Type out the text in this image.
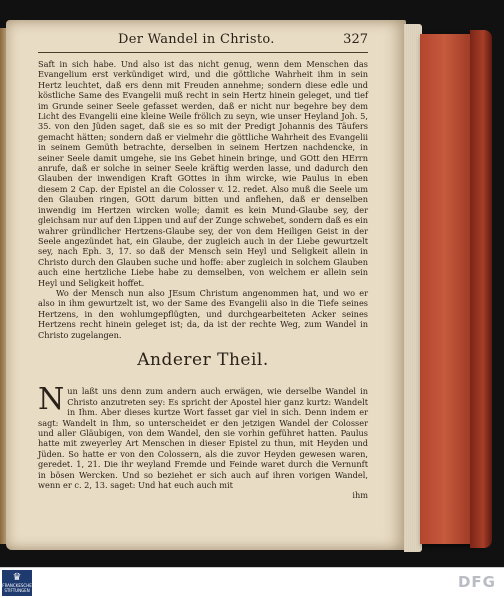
Der Wandel in Christo.	327

Saft in sich habe. Und also ist das nicht genug, wenn dem Menschen das Evangelium erst verkündiget wird, und die göttliche Wahrheit ihm in sein Hertz leuchtet, daß ers denn mit Freuden annehme; sondern diese edle und köstliche Same des Evangelii muß recht in sein Hertz hinein geleget, und tief im Grunde seiner Seele gefasset werden, daß er nicht nur begehre bey dem Licht des Evangelii eine kleine Weile frölich zu seyn, wie unser Heyland Joh. 5, 35. von den Jüden saget, daß sie es so mit der Predigt Johannis des Täufers gemacht hätten; sondern daß er vielmehr die göttliche Wahrheit des Evangelii in seinem Gemüth betrachte, derselben in seinem Hertzen nachdencke, in seiner Seele damit umgehe, sie ins Gebet hinein bringe, und GOtt den HErrn anrufe, daß er solche in seiner Seele kräftig werden lasse, und dadurch den Glauben der inwendigen Kraft GOttes in ihm wircke, wie Paulus in eben diesem 2 Cap. der Epistel an die Colosser v. 12. redet. Also muß die Seele um den Glauben ringen, GOtt darum bitten und anflehen, daß er denselben inwendig im Hertzen wircken wolle; damit es kein Mund-Glaube sey, der gleichsam nur auf den Lippen und auf der Zunge schwebet, sondern daß es ein wahrer gründlicher Hertzens-Glaube sey, der von dem Heiligen Geist in der Seele angezündet hat, ein Glaube, der zugleich auch in der Liebe gewurtzelt sey, nach Eph. 3, 17. so daß der Mensch sein Heyl und Seligkeit allein in Christo durch den Glauben suche und hoffe: aber zugleich in solchem Glauben auch eine hertzliche Liebe habe zu demselben, von welchem er allein sein Heyl und Seligkeit hoffet.

Wo der Mensch nun also JEsum Christum angenommen hat, und wo er also in ihm gewurtzelt ist, wo der Same des Evangelii also in die Tiefe seines Hertzens, in den wohlumgepflügten, und durchgearbeiteten Acker seines Hertzens recht hinein geleget ist; da, da ist der rechte Weg, zum Wandel in Christo zugelangen.

Anderer Theil.

Nun laßt uns denn zum andern auch erwägen, wie derselbe Wandel in Christo anzutreten sey: Es spricht der Apostel hier ganz kurtz: Wandelt in Ihm. Aber dieses kurtze Wort fasset gar viel in sich. Denn indem er sagt: Wandelt in Ihm, so unterscheidet er den jetzigen Wandel der Colosser und aller Gläubigen, von dem Wandel, den sie vorhin geführet hatten. Paulus hatte mit zweyerley Art Menschen in dieser Epistel zu thun, mit Heyden und Jüden. So hatte er von den Colossern, als die zuvor Heyden gewesen waren, geredet. 1, 21. Die ihr weyland Fremde und Feinde waret durch die Vernunft in bösen Wercken. Und so beziehet er sich auch auf ihren vorigen Wandel, wenn er c. 2, 13. saget: Und hat euch auch mit

ihm
♛
FRANCKESCHE STIFTUNGEN	DFG
